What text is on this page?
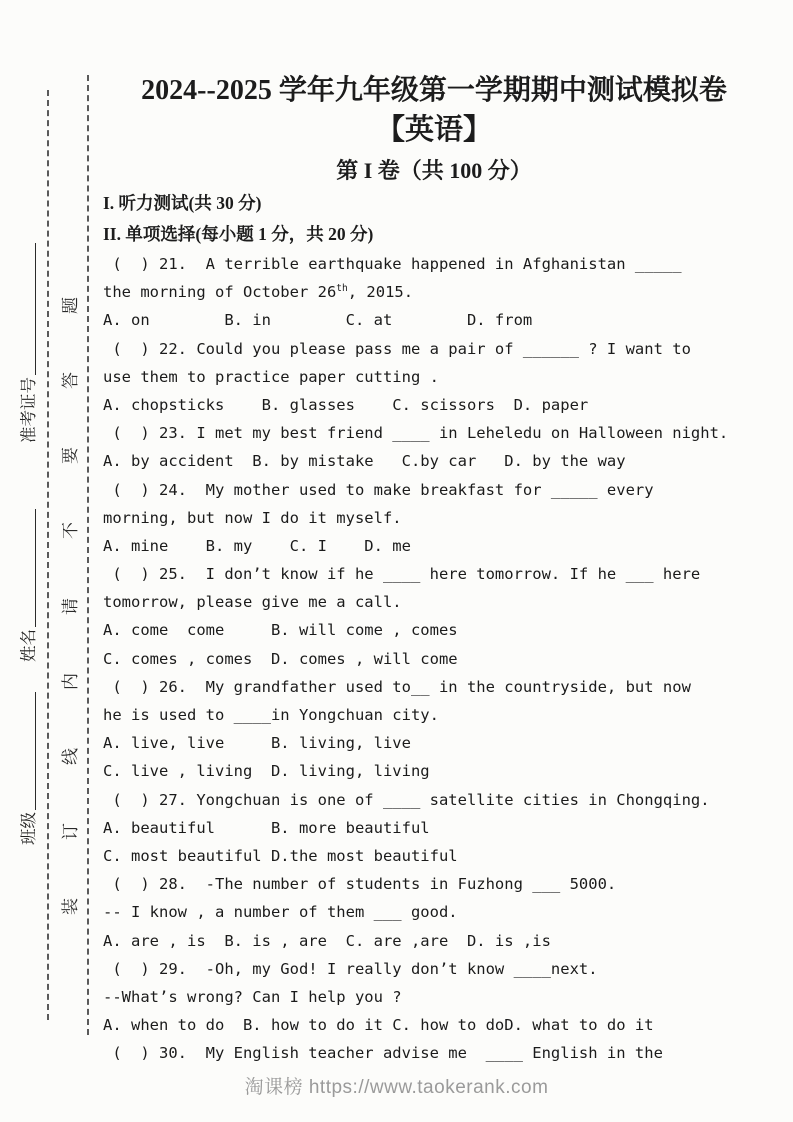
题
答
要
不
请
内
线
订
装
班级
姓名
准考证号
2024--2025 学年九年级第一学期期中测试模拟卷
【英语】
第 I 卷（共 100 分）
I. 听力测试(共 30 分)
II. 单项选择(每小题 1 分，共 20 分)
(  ) 21.  A terrible earthquake happened in Afghanistan _____
the morning of October 26th, 2015.
A. on        B. in        C. at        D. from
(  ) 22. Could you please pass me a pair of ______ ? I want to
use them to practice paper cutting .
A. chopsticks    B. glasses    C. scissors  D. paper
(  ) 23. I met my best friend ____ in Leheledu on Halloween night.
A. by accident  B. by mistake   C.by car   D. by the way
(  ) 24.  My mother used to make breakfast for _____ every
morning, but now I do it myself.
A. mine    B. my    C. I    D. me
(  ) 25.  I don’t know if he ____ here tomorrow. If he ___ here
tomorrow, please give me a call.
A. come  come     B. will come , comes
C. comes , comes  D. comes , will come
(  ) 26.  My grandfather used to__ in the countryside, but now
he is used to ____in Yongchuan city.
A. live, live     B. living, live
C. live , living  D. living, living
(  ) 27. Yongchuan is one of ____ satellite cities in Chongqing.
A. beautiful      B. more beautiful
C. most beautiful D.the most beautiful
(  ) 28.  -The number of students in Fuzhong ___ 5000.
-- I know , a number of them ___ good.
A. are , is  B. is , are  C. are ,are  D. is ,is
(  ) 29.  -Oh, my God! I really don’t know ____next.
--What’s wrong? Can I help you ?
A. when to do  B. how to do it C. how to doD. what to do it
(  ) 30.  My English teacher advise me  ____ English in the
淘课榜 https://www.taokerank.com
